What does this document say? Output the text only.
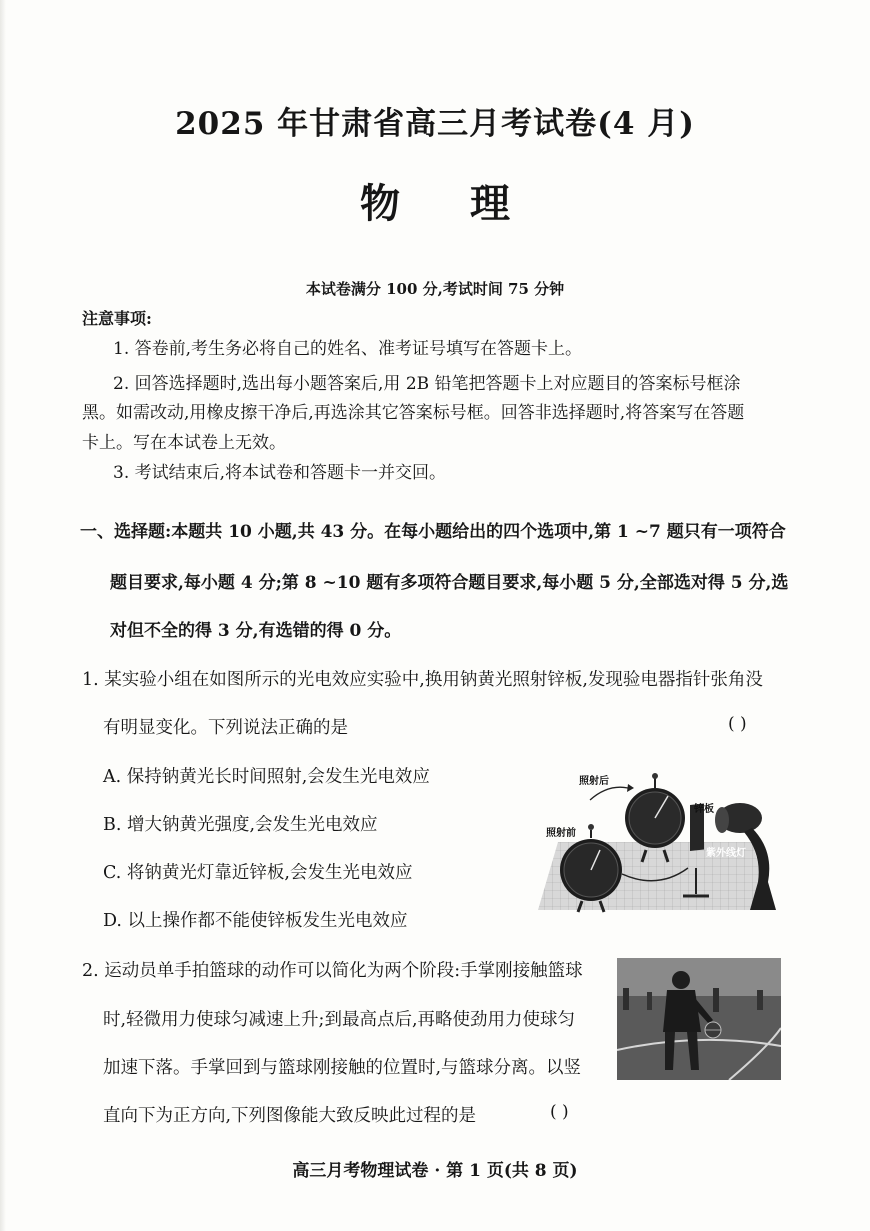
2025 年甘肃省高三月考试卷(4 月)
物理
本试卷满分 100 分,考试时间 75 分钟
注意事项:
1. 答卷前,考生务必将自己的姓名、准考证号填写在答题卡上。
2. 回答选择题时,选出每小题答案后,用 2B 铅笔把答题卡上对应题目的答案标号框涂
黑。如需改动,用橡皮擦干净后,再选涂其它答案标号框。回答非选择题时,将答案写在答题
卡上。写在本试卷上无效。
3. 考试结束后,将本试卷和答题卡一并交回。
一、选择题:本题共 10 小题,共 43 分。在每小题给出的四个选项中,第 1 ~7 题只有一项符合
题目要求,每小题 4 分;第 8 ~10 题有多项符合题目要求,每小题 5 分,全部选对得 5 分,选
对但不全的得 3 分,有选错的得 0 分。
1. 某实验小组在如图所示的光电效应实验中,换用钠黄光照射锌板,发现验电器指针张角没
有明显变化。下列说法正确的是	( )
A. 保持钠黄光长时间照射,会发生光电效应
B. 增大钠黄光强度,会发生光电效应
C. 将钠黄光灯靠近锌板,会发生光电效应
D. 以上操作都不能使锌板发生光电效应
照射后
照射前
锌板
紫外线灯
2. 运动员单手拍篮球的动作可以简化为两个阶段:手掌刚接触篮球
时,轻微用力使球匀减速上升;到最高点后,再略使劲用力使球匀
加速下落。手掌回到与篮球刚接触的位置时,与篮球分离。以竖
直向下为正方向,下列图像能大致反映此过程的是	( )
高三月考物理试卷 · 第 1 页(共 8 页)
